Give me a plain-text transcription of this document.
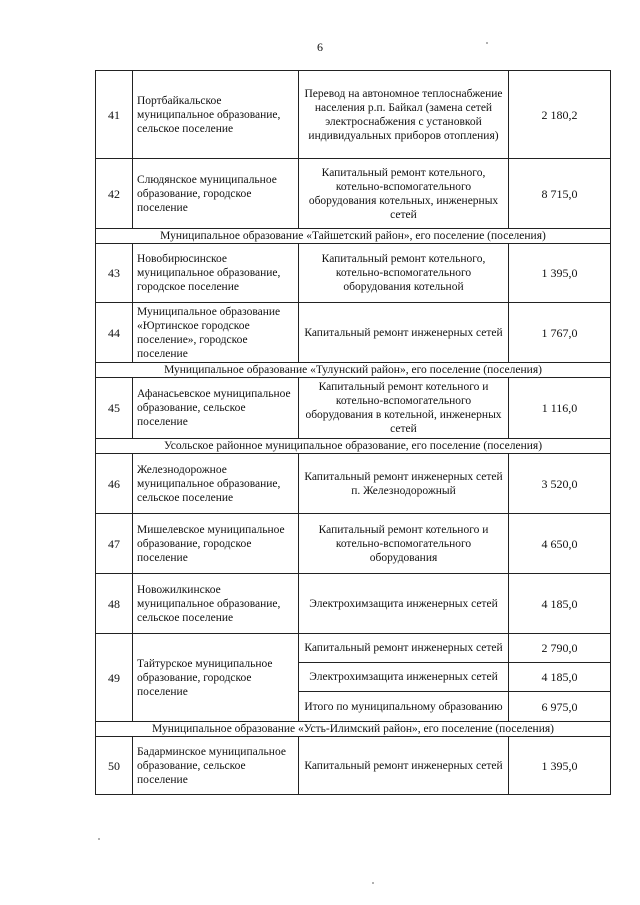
6
41	Портбайкальское муниципальное образование, сельское поселение	Перевод на автономное теплоснабжение населения р.п. Байкал (замена сетей электроснабжения с установкой индивидуальных приборов отопления)	2 180,2
42	Слюдянское муниципальное образование, городское поселение	Капитальный ремонт котельного, котельно-вспомогательного оборудования котельных, инженерных сетей	8 715,0
Муниципальное образование «Тайшетский район», его поселение (поселения)			
43	Новобирюсинское муниципальное образование, городское поселение	Капитальный ремонт котельного, котельно-вспомогательного оборудования котельной	1 395,0
44	Муниципальное образование «Юртинское городское поселение», городское поселение	Капитальный ремонт инженерных сетей	1 767,0
Муниципальное образование «Тулунский район», его поселение (поселения)			
45	Афанасьевское муниципальное образование, сельское поселение	Капитальный ремонт котельного и котельно-вспомогательного оборудования в котельной, инженерных сетей	1 116,0
Усольское районное муниципальное образование, его поселение (поселения)			
46	Железнодорожное муниципальное образование, сельское поселение	Капитальный ремонт инженерных сетей п. Железнодорожный	3 520,0
47	Мишелевское муниципальное образование, городское поселение	Капитальный ремонт котельного и котельно-вспомогательного оборудования	4 650,0
48	Новожилкинское муниципальное образование, сельское поселение	Электрохимзащита инженерных сетей	4 185,0
49	Тайтурское муниципальное образование, городское поселение	Капитальный ремонт инженерных сетей	2 790,0
		Электрохимзащита инженерных сетей	4 185,0
		Итого по муниципальному образованию	6 975,0
Муниципальное образование «Усть-Илимский район», его поселение (поселения)			
50	Бадарминское муниципальное образование, сельское поселение	Капитальный ремонт инженерных сетей	1 395,0
